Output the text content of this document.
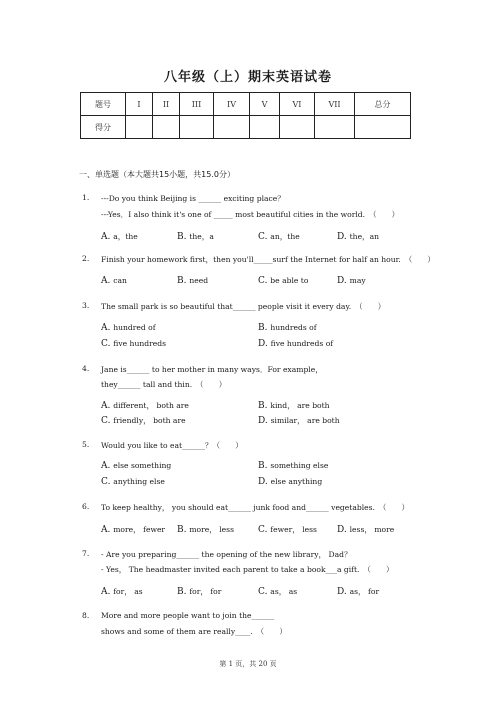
八年级（上）期末英语试卷
题号	I	II	III	IV	V	VI	VII	总分
得分								
一、单选题（本大题共15小题，共15.0分）
1. ---Do you think Beijing is ______ exciting place？
---Yes．I also think it's one of _____ most beautiful cities in the world.　（　　）
A. a，the	B. the，a	C. an，the	D. the，an
2. Finish your homework first，then you'll_____surf the Internet for half an hour.　（　　）
A. can	B. need	C. be able to	D. may
3. The small park is so beautiful that______ people visit it every day.　（　　）
A. hundred of	B. hundreds of
C. five hundreds	D. five hundreds of
4. Jane is______ to her mother in many ways．For example，
they______ tall and thin.　（　　）
A. different， both are	B. kind， are both
C. friendly， both are	D. similar， are both
5. Would you like to eat______？（　　）
A. else something	B. something else
C. anything else	D. else anything
6. To keep healthy， you should eat______ junk food and______ vegetables.　（　　）
A. more， fewer B. more， less	C. fewer， less D. less， more
7. - Are you preparing______ the opening of the new library， Dad？
- Yes， The headmaster invited each parent to take a book___a gift.　（　　）
A. for， as	B. for， for	C. as， as	D. as， for
8. More and more people want to join the______
shows and some of them are really____.　（　　）
第 1 页，共 20 页
